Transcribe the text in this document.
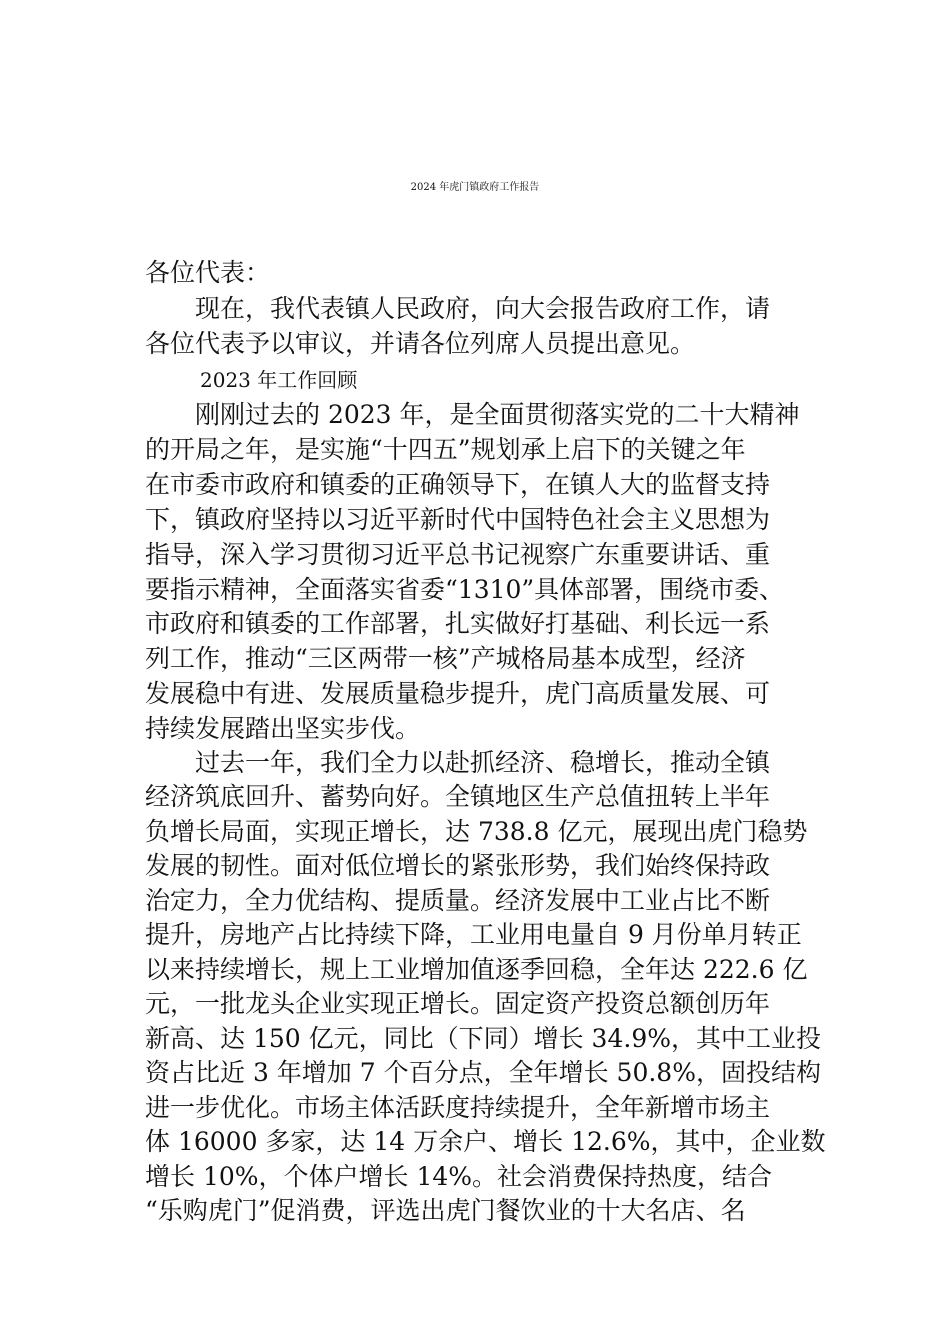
2024 年虎门镇政府工作报告
各位代表：
现在，我代表镇人民政府，向大会报告政府工作，请
各位代表予以审议，并请各位列席人员提出意见。
2023 年工作回顾
刚刚过去的 2023 年，是全面贯彻落实党的二十大精神
的开局之年，是实施“十四五”规划承上启下的关键之年
在市委市政府和镇委的正确领导下，在镇人大的监督支持
下，镇政府坚持以习近平新时代中国特色社会主义思想为
指导，深入学习贯彻习近平总书记视察广东重要讲话、重
要指示精神，全面落实省委“1310”具体部署，围绕市委、
市政府和镇委的工作部署，扎实做好打基础、利长远一系
列工作，推动“三区两带一核”产城格局基本成型，经济
发展稳中有进、发展质量稳步提升，虎门高质量发展、可
持续发展踏出坚实步伐。
过去一年，我们全力以赴抓经济、稳增长，推动全镇
经济筑底回升、蓄势向好。全镇地区生产总值扭转上半年
负增长局面，实现正增长，达 738.8 亿元，展现出虎门稳势
发展的韧性。面对低位增长的紧张形势，我们始终保持政
治定力，全力优结构、提质量。经济发展中工业占比不断
提升，房地产占比持续下降，工业用电量自 9 月份单月转正
以来持续增长，规上工业增加值逐季回稳，全年达 222.6 亿
元，一批龙头企业实现正增长。固定资产投资总额创历年
新高、达 150 亿元，同比（下同）增长 34.9%，其中工业投
资占比近 3 年增加 7 个百分点，全年增长 50.8%，固投结构
进一步优化。市场主体活跃度持续提升，全年新增市场主
体 16000 多家，达 14 万余户、增长 12.6%，其中，企业数
增长 10%，个体户增长 14%。社会消费保持热度，结合
“乐购虎门”促消费，评选出虎门餐饮业的十大名店、名
